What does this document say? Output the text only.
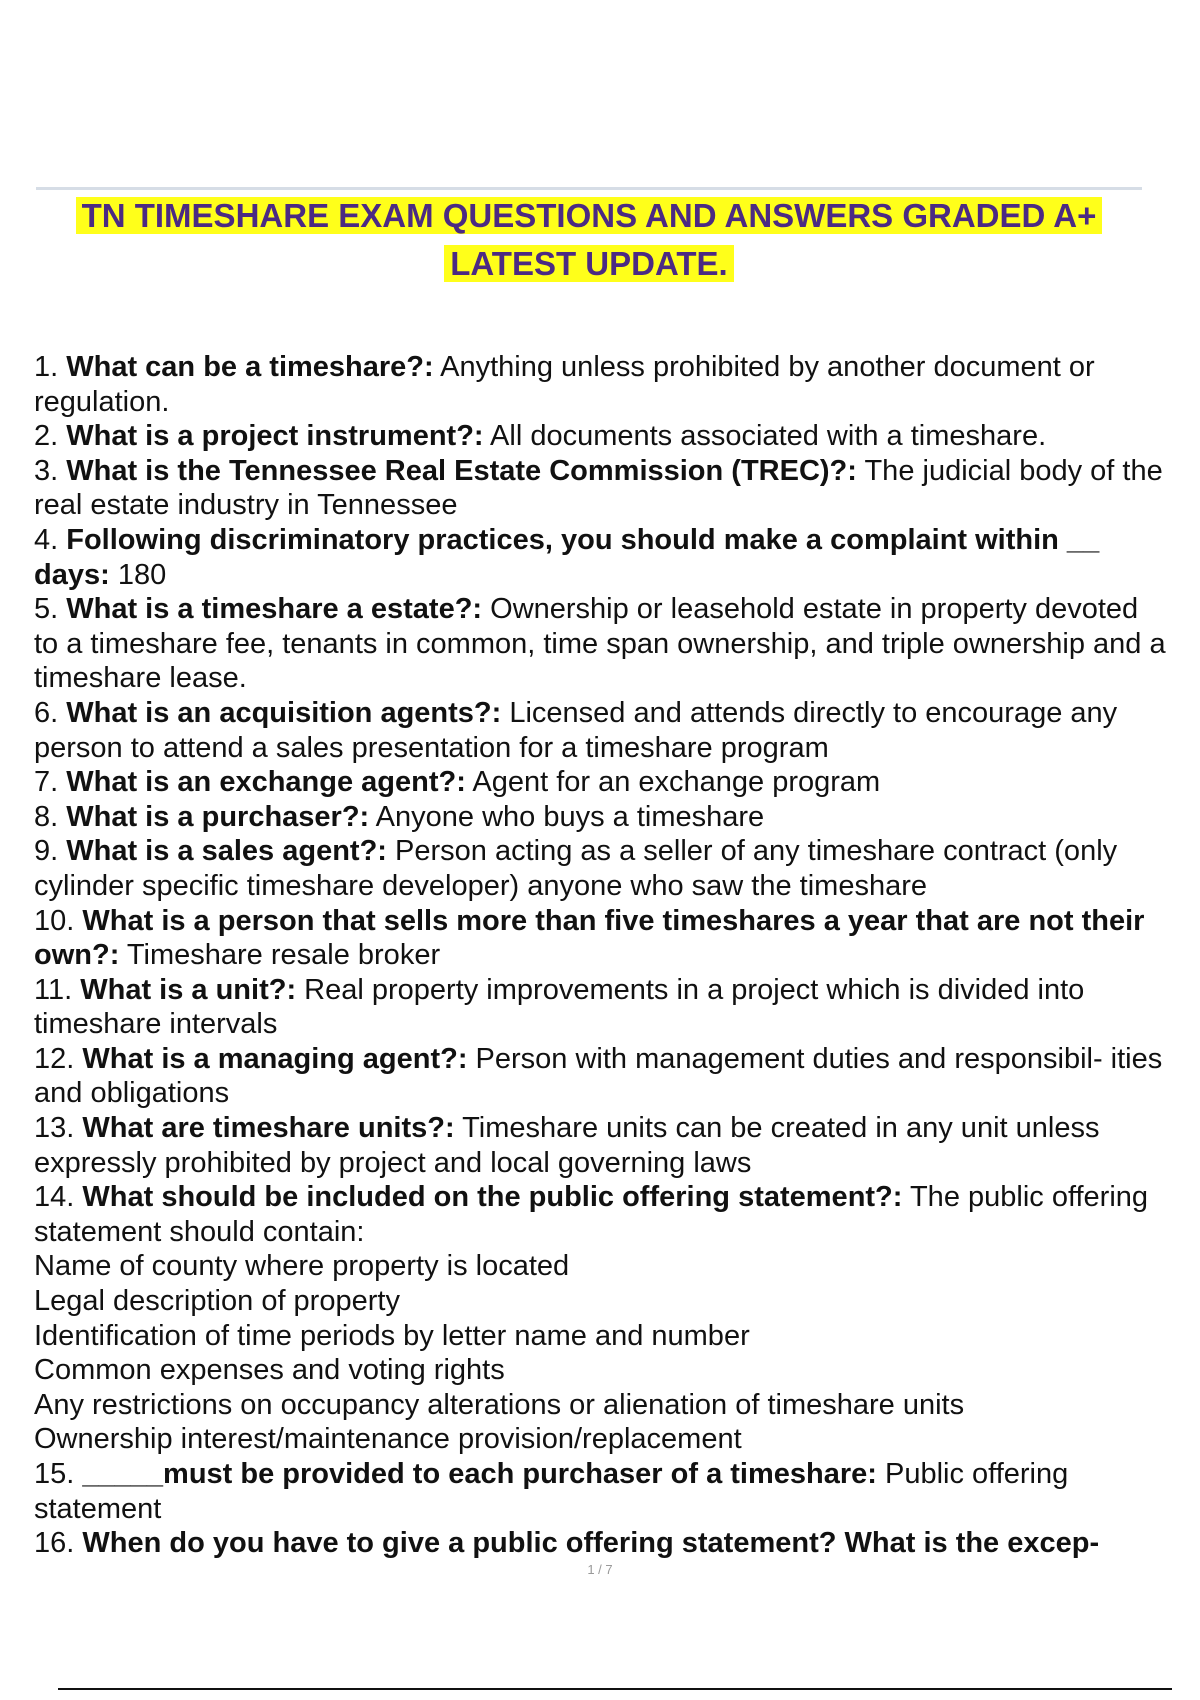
TN TIMESHARE EXAM QUESTIONS AND ANSWERS GRADED A+
LATEST UPDATE.

1. What can be a timeshare?: Anything unless prohibited by another document or regulation.

2. What is a project instrument?: All documents associated with a timeshare.

3. What is the Tennessee Real Estate Commission (TREC)?: The judicial body of the real estate industry in Tennessee

4. Following discriminatory practices, you should make a complaint within __ days: 180

5. What is a timeshare a estate?: Ownership or leasehold estate in property devoted to a timeshare fee, tenants in common, time span ownership, and triple ownership and a timeshare lease.

6. What is an acquisition agents?: Licensed and attends directly to encourage any person to attend a sales presentation for a timeshare program

7. What is an exchange agent?: Agent for an exchange program

8. What is a purchaser?: Anyone who buys a timeshare

9. What is a sales agent?: Person acting as a seller of any timeshare contract (only cylinder specific timeshare developer) anyone who saw the timeshare

10. What is a person that sells more than five timeshares a year that are not their own?: Timeshare resale broker

11. What is a unit?: Real property improvements in a project which is divided into timeshare intervals

12. What is a managing agent?: Person with management duties and responsibil- ities and obligations

13. What are timeshare units?: Timeshare units can be created in any unit unless expressly prohibited by project and local governing laws

14. What should be included on the public offering statement?: The public offering statement should contain:

Name of county where property is located

Legal description of property

Identification of time periods by letter name and number

Common expenses and voting rights

Any restrictions on occupancy alterations or alienation of timeshare units

Ownership interest/maintenance provision/replacement

15. _____must be provided to each purchaser of a timeshare: Public offering statement

16. When do you have to give a public offering statement? What is the excep-

1 / 7
